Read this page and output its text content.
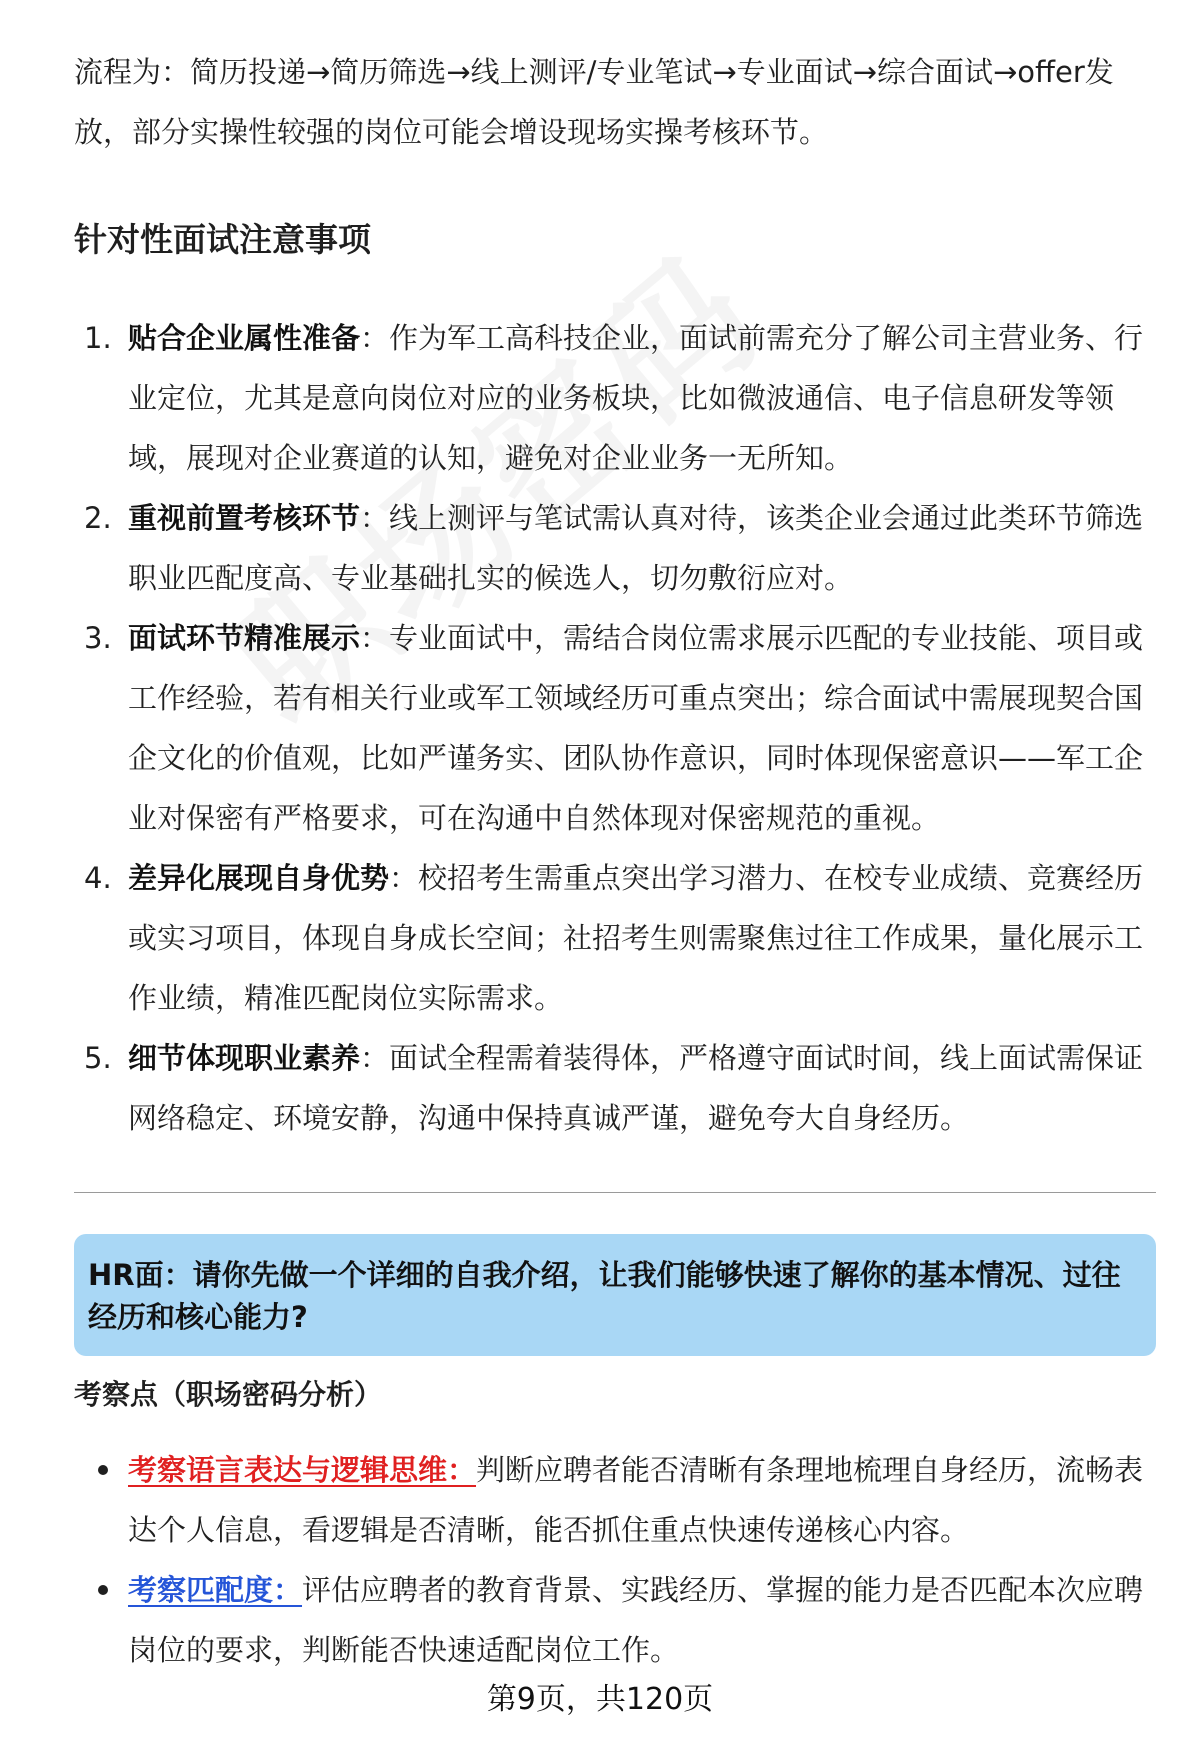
流程为：简历投递→简历筛选→线上测评/专业笔试→专业面试→综合面试→offer发放，部分实操性较强的岗位可能会增设现场实操考核环节。
针对性面试注意事项
1. 贴合企业属性准备：作为军工高科技企业，面试前需充分了解公司主营业务、行业定位，尤其是意向岗位对应的业务板块，比如微波通信、电子信息研发等领域，展现对企业赛道的认知，避免对企业业务一无所知。
2. 重视前置考核环节：线上测评与笔试需认真对待，该类企业会通过此类环节筛选职业匹配度高、专业基础扎实的候选人，切勿敷衍应对。
3. 面试环节精准展示：专业面试中，需结合岗位需求展示匹配的专业技能、项目或工作经验，若有相关行业或军工领域经历可重点突出；综合面试中需展现契合国企文化的价值观，比如严谨务实、团队协作意识，同时体现保密意识——军工企业对保密有严格要求，可在沟通中自然体现对保密规范的重视。
4. 差异化展现自身优势：校招考生需重点突出学习潜力、在校专业成绩、竞赛经历或实习项目，体现自身成长空间；社招考生则需聚焦过往工作成果，量化展示工作业绩，精准匹配岗位实际需求。
5. 细节体现职业素养：面试全程需着装得体，严格遵守面试时间，线上面试需保证网络稳定、环境安静，沟通中保持真诚严谨，避免夸大自身经历。
HR面：请你先做一个详细的自我介绍，让我们能够快速了解你的基本情况、过往经历和核心能力?
考察点（职场密码分析）
考察语言表达与逻辑思维：判断应聘者能否清晰有条理地梳理自身经历，流畅表达个人信息，看逻辑是否清晰，能否抓住重点快速传递核心内容。
考察匹配度：评估应聘者的教育背景、实践经历、掌握的能力是否匹配本次应聘岗位的要求，判断能否快速适配岗位工作。
第9页，共120页
